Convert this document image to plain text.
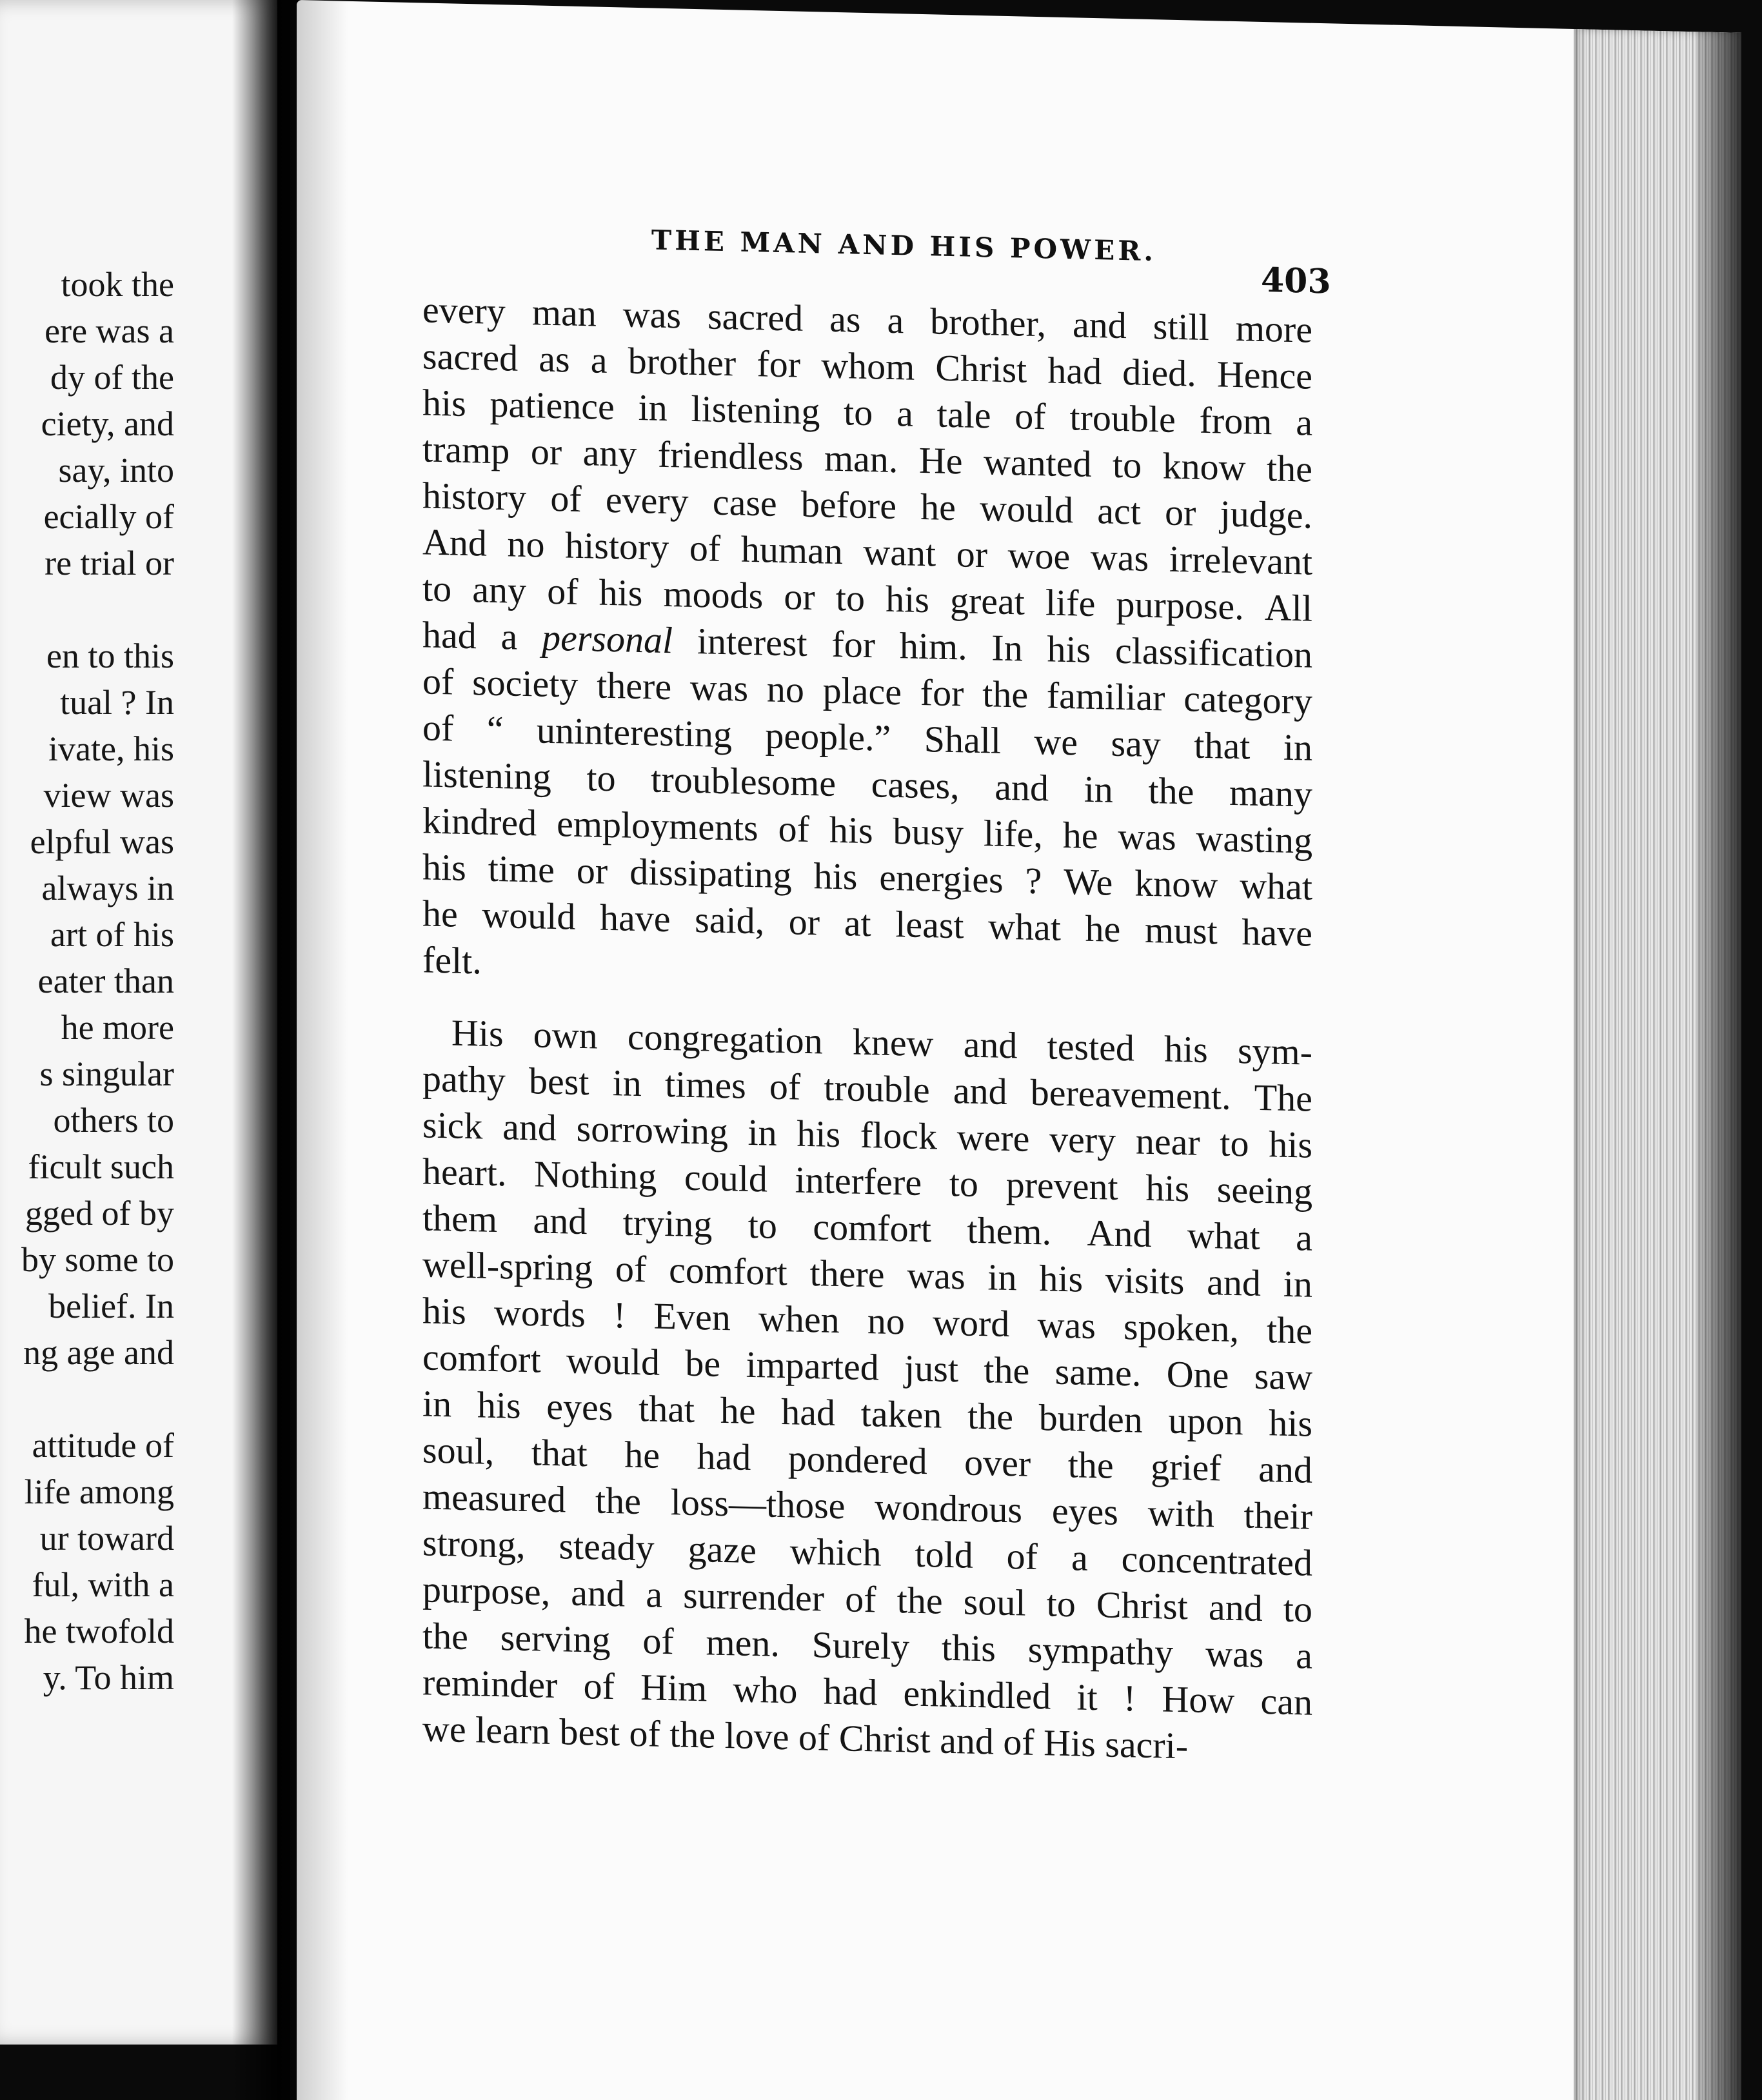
took the
ere was a
dy of the
ciety, and
say, into
ecially of
re trial or
en to this
tual ? In
ivate, his
view was
elpful was
always in
art of his
eater than
he more
s singular
others to
ficult such
gged of by
by some to
belief. In
ng age and
attitude of
life among
ur toward
ful, with a
he twofold
y. To him
THE MAN AND HIS POWER.
403
every man was sacred as a brother, and still more
sacred as a brother for whom Christ had died. Hence
his patience in listening to a tale of trouble from a
tramp or any friendless man. He wanted to know the
history of every case before he would act or judge.
And no history of human want or woe was irrelevant
to any of his moods or to his great life purpose. All
had a personal interest for him. In his classification
of society there was no place for the familiar category
of “ uninteresting people.” Shall we say that in
listening to troublesome cases, and in the many
kindred employments of his busy life, he was wasting
his time or dissipating his energies ? We know what
he would have said, or at least what he must have
felt.
His own congregation knew and tested his sym-
pathy best in times of trouble and bereavement. The
sick and sorrowing in his flock were very near to his
heart. Nothing could interfere to prevent his seeing
them and trying to comfort them. And what a
well-spring of comfort there was in his visits and in
his words ! Even when no word was spoken, the
comfort would be imparted just the same. One saw
in his eyes that he had taken the burden upon his
soul, that he had pondered over the grief and
measured the loss—those wondrous eyes with their
strong, steady gaze which told of a concentrated
purpose, and a surrender of the soul to Christ and to
the serving of men. Surely this sympathy was a
reminder of Him who had enkindled it ! How can
we learn best of the love of Christ and of His sacri-
